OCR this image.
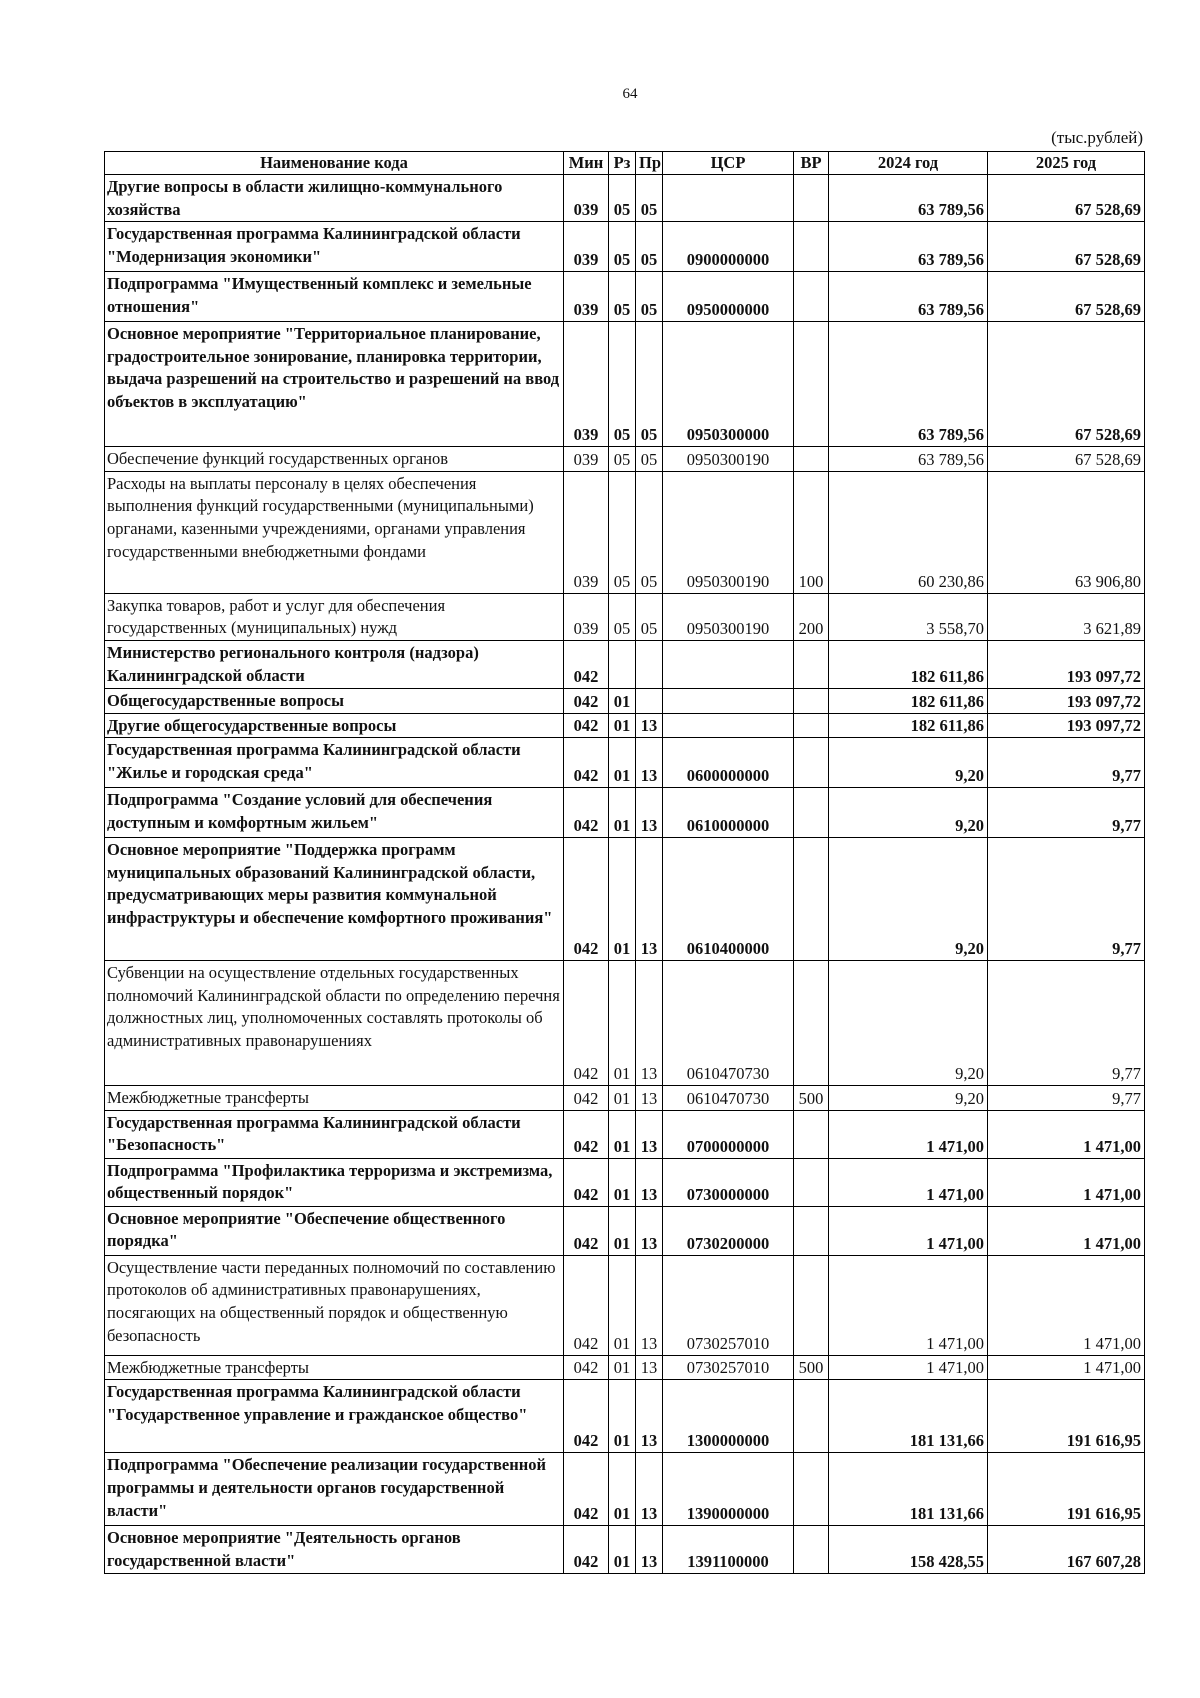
64
(тыс.рублей)
Наименование кода	Мин	Рз	Пр	ЦСР	ВР	2024 год	2025 год
Другие вопросы в области жилищно-коммунального хозяйства	039	05	05			63 789,56	67 528,69
Государственная программа Калининградской области "Модернизация экономики"	039	05	05	0900000000		63 789,56	67 528,69
Подпрограмма "Имущественный комплекс и земельные отношения"	039	05	05	0950000000		63 789,56	67 528,69
Основное мероприятие "Территориальное планирование, градостроительное зонирование, планировка территории, выдача разрешений на строительство и разрешений на ввод объектов в эксплуатацию"	039	05	05	0950300000		63 789,56	67 528,69
Обеспечение функций государственных органов	039	05	05	0950300190		63 789,56	67 528,69
Расходы на выплаты персоналу в целях обеспечения выполнения функций государственными (муниципальными) органами, казенными учреждениями, органами управления государственными внебюджетными фондами	039	05	05	0950300190	100	60 230,86	63 906,80
Закупка товаров, работ и услуг для обеспечения государственных (муниципальных) нужд	039	05	05	0950300190	200	3 558,70	3 621,89
Министерство регионального контроля (надзора) Калининградской области	042					182 611,86	193 097,72
Общегосударственные вопросы	042	01				182 611,86	193 097,72
Другие общегосударственные вопросы	042	01	13			182 611,86	193 097,72
Государственная программа Калининградской области "Жилье и городская среда"	042	01	13	0600000000		9,20	9,77
Подпрограмма "Создание условий для обеспечения доступным и комфортным жильем"	042	01	13	0610000000		9,20	9,77
Основное мероприятие "Поддержка программ муниципальных образований Калининградской области, предусматривающих меры развития коммунальной инфраструктуры и обеспечение комфортного проживания"	042	01	13	0610400000		9,20	9,77
Субвенции на осуществление отдельных государственных полномочий Калининградской области по определению перечня должностных лиц, уполномоченных составлять протоколы об административных правонарушениях	042	01	13	0610470730		9,20	9,77
Межбюджетные трансферты	042	01	13	0610470730	500	9,20	9,77
Государственная программа Калининградской области "Безопасность"	042	01	13	0700000000		1 471,00	1 471,00
Подпрограмма "Профилактика терроризма и экстремизма, общественный порядок"	042	01	13	0730000000		1 471,00	1 471,00
Основное мероприятие "Обеспечение общественного порядка"	042	01	13	0730200000		1 471,00	1 471,00
Осуществление части переданных полномочий по составлению протоколов об административных правонарушениях, посягающих на общественный порядок и общественную безопасность	042	01	13	0730257010		1 471,00	1 471,00
Межбюджетные трансферты	042	01	13	0730257010	500	1 471,00	1 471,00
Государственная программа Калининградской области "Государственное управление и гражданское общество"	042	01	13	1300000000		181 131,66	191 616,95
Подпрограмма "Обеспечение реализации государственной программы и деятельности органов государственной власти"	042	01	13	1390000000		181 131,66	191 616,95
Основное мероприятие "Деятельность органов государственной власти"	042	01	13	1391100000		158 428,55	167 607,28
